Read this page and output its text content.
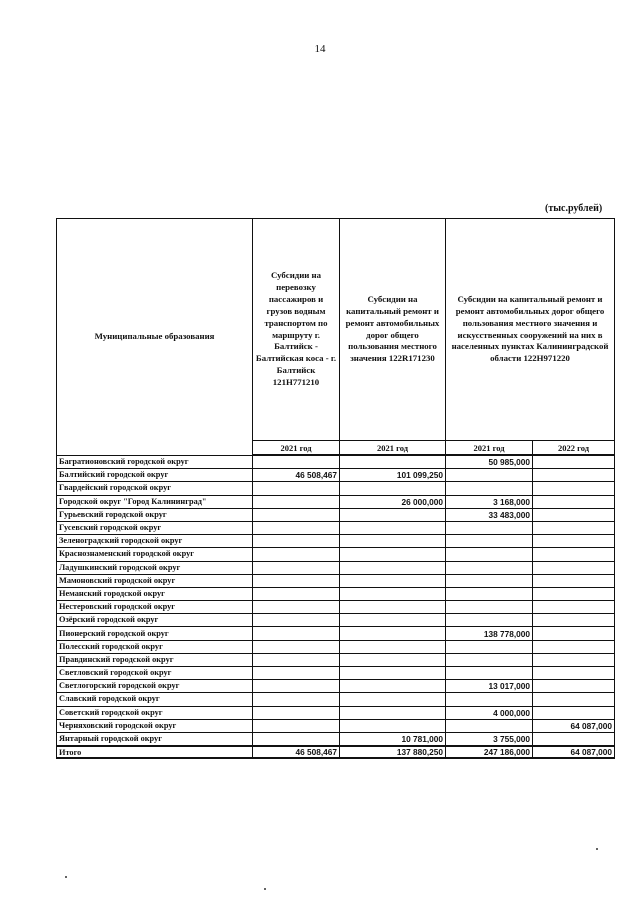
14
(тыс.рублей)
Муниципальные образования	Субсидии на перевозку пассажиров и грузов водным транспортом по маршруту г. Балтийск - Балтийская коса - г. Балтийск 121H771210	Субсидии на капитальный ремонт и ремонт автомобильных дорог общего пользования местного значения 122R171230	Субсидии на капитальный ремонт и ремонт автомобильных дорог общего пользования местного значения и искусственных сооружений на них в населенных пунктах Калининградской области 122H971220	
	2021 год	2021 год	2021 год	2022 год
Багратионовский городской округ			50 985,000	
Балтийский городской округ	46 508,467	101 099,250		
Гвардейский городской округ				
Городской округ "Город Калининград"		26 000,000	3 168,000	
Гурьевский городской округ			33 483,000	
Гусевский городской округ				
Зеленоградский городской округ				
Краснознаменский городской округ				
Ладушкинский городской округ				
Мамоновский городской округ				
Неманский городской округ				
Нестеровский городской округ				
Озёрский городской округ				
Пионерский городской округ			138 778,000	
Полесский городской округ				
Правдинский городской округ				
Светловский городской округ				
Светлогорский городской округ			13 017,000	
Славский городской округ				
Советский городской округ			4 000,000	
Черняховский городской округ				64 087,000
Янтарный городской округ		10 781,000	3 755,000	
Итого	46 508,467	137 880,250	247 186,000	64 087,000
